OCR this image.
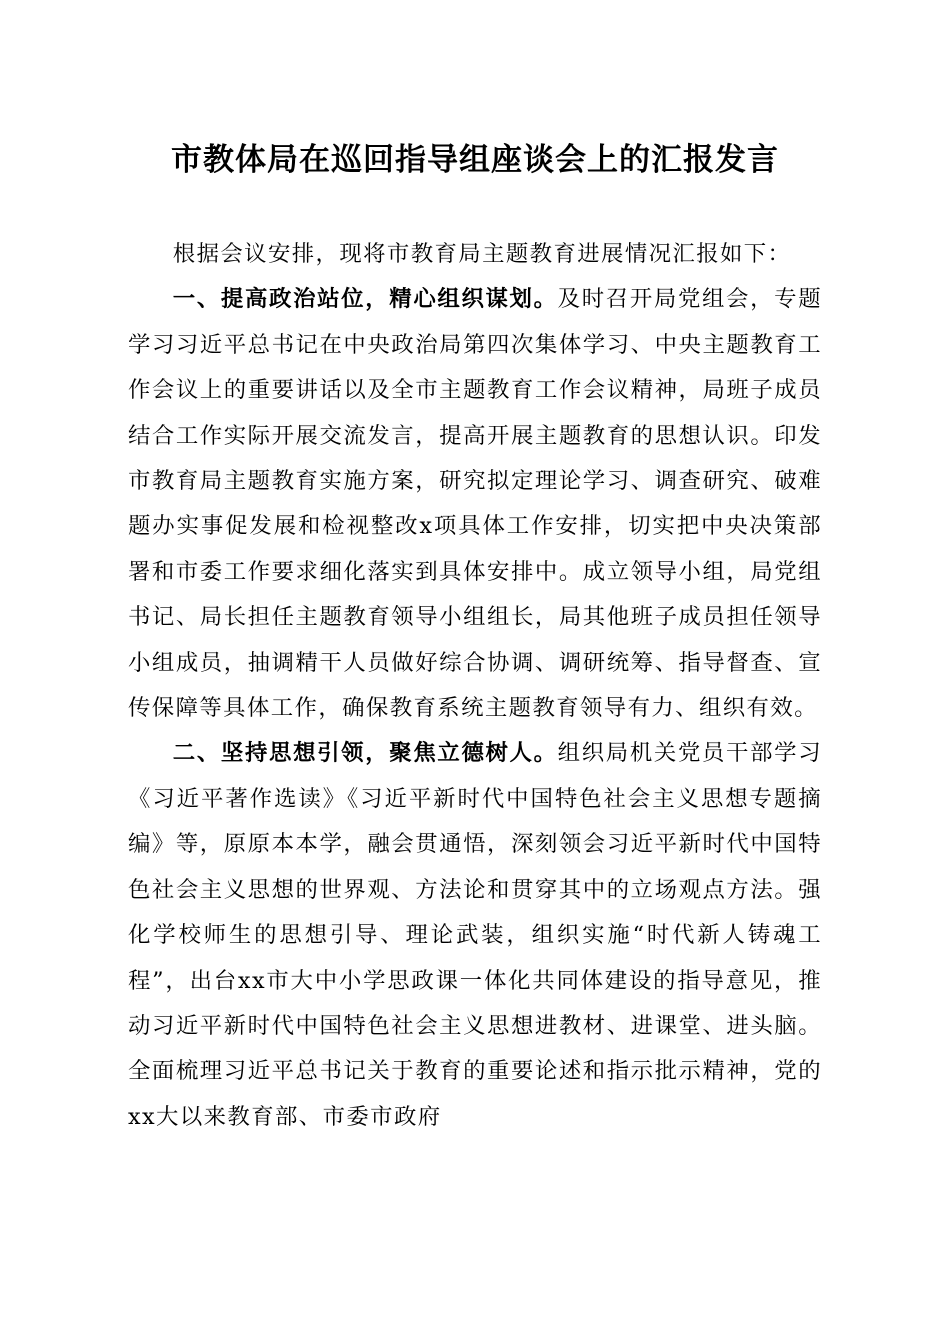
市教体局在巡回指导组座谈会上的汇报发言

根据会议安排，现将市教育局主题教育进展情况汇报如下：

一、提高政治站位，精心组织谋划。及时召开局党组会，专题学习习近平总书记在中央政治局第四次集体学习、中央主题教育工作会议上的重要讲话以及全市主题教育工作会议精神，局班子成员结合工作实际开展交流发言，提高开展主题教育的思想认识。印发市教育局主题教育实施方案，研究拟定理论学习、调查研究、破难题办实事促发展和检视整改x项具体工作安排，切实把中央决策部署和市委工作要求细化落实到具体安排中。成立领导小组，局党组书记、局长担任主题教育领导小组组长，局其他班子成员担任领导小组成员，抽调精干人员做好综合协调、调研统筹、指导督查、宣传保障等具体工作，确保教育系统主题教育领导有力、组织有效。

二、坚持思想引领，聚焦立德树人。组织局机关党员干部学习《习近平著作选读》《习近平新时代中国特色社会主义思想专题摘编》等，原原本本学，融会贯通悟，深刻领会习近平新时代中国特色社会主义思想的世界观、方法论和贯穿其中的立场观点方法。强化学校师生的思想引导、理论武装，组织实施“时代新人铸魂工程”，出台xx市大中小学思政课一体化共同体建设的指导意见，推动习近平新时代中国特色社会主义思想进教材、进课堂、进头脑。全面梳理习近平总书记关于教育的重要论述和指示批示精神，党的xx大以来教育部、市委市政府
